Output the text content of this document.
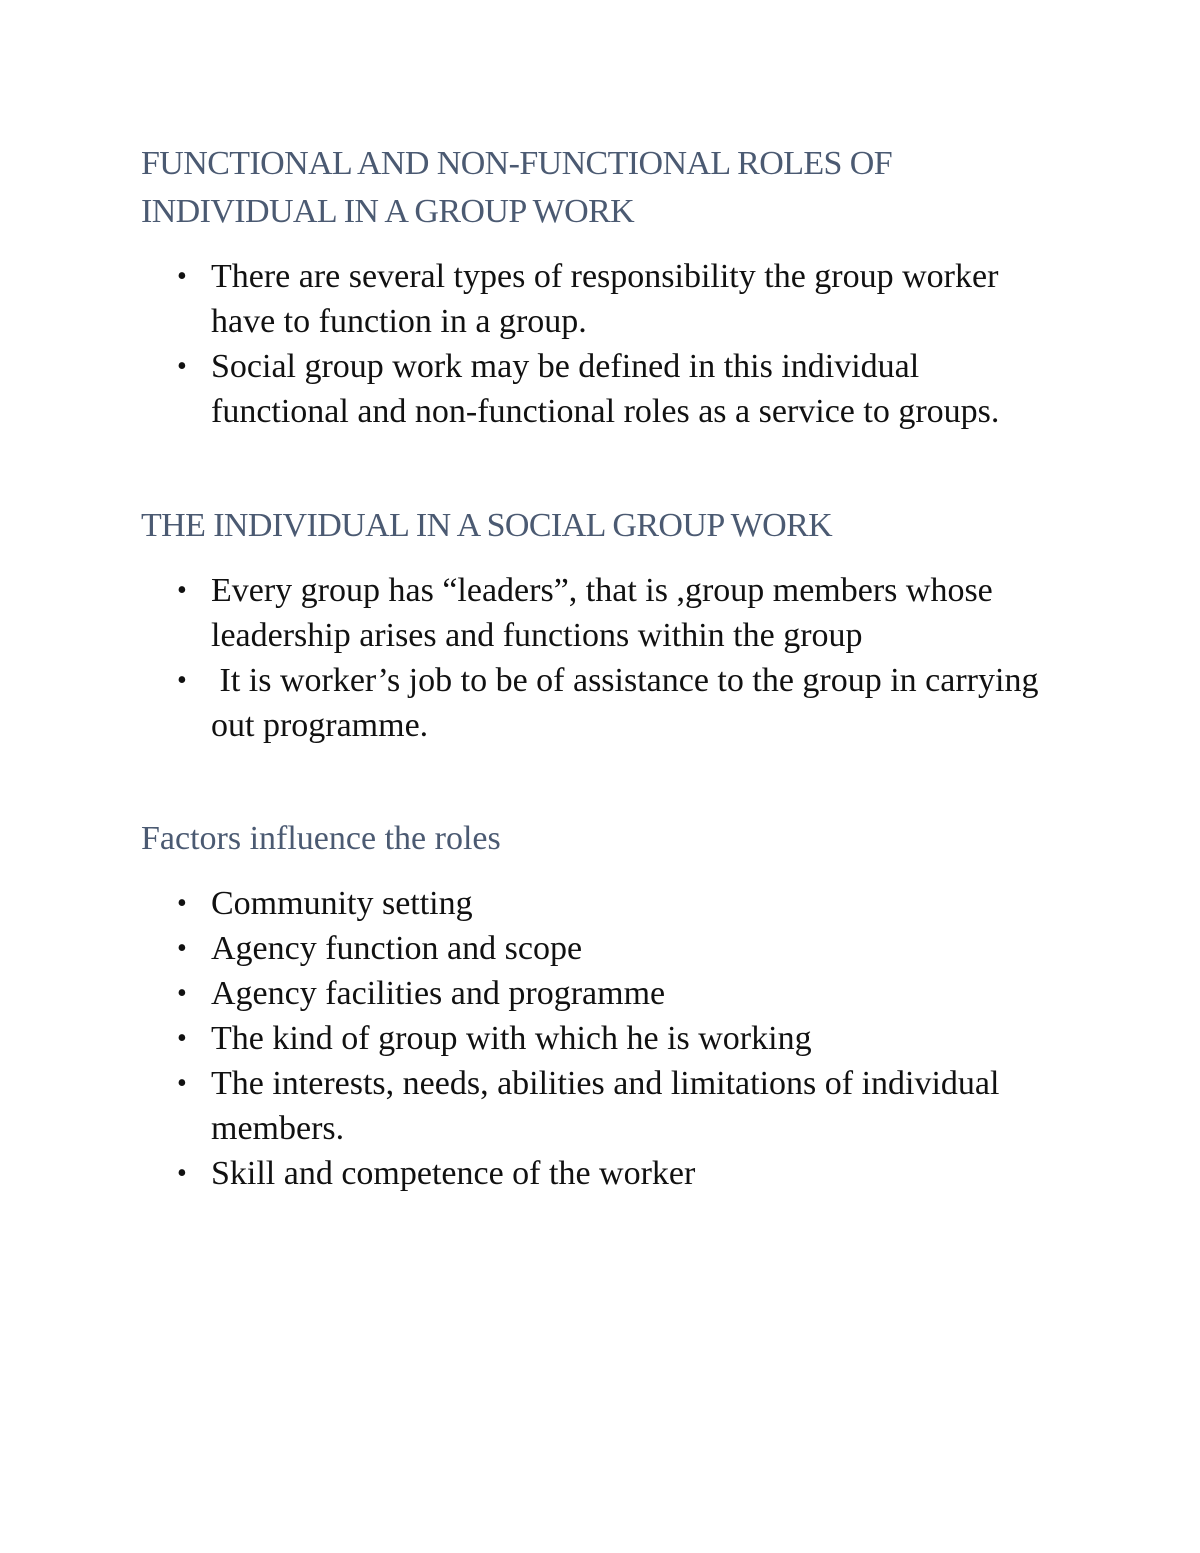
FUNCTIONAL AND NON-FUNCTIONAL ROLES OF INDIVIDUAL IN A GROUP WORK
• There are several types of responsibility the group worker have to function in a group.
• Social group work may be defined in this individual functional and non-functional roles as a service to groups.
THE INDIVIDUAL IN A SOCIAL GROUP WORK
• Every group has “leaders”, that is ,group members whose leadership arises and functions within the group
• It is worker’s job to be of assistance to the group in carrying out programme.
Factors influence the roles
• Community setting
• Agency function and scope
• Agency facilities and programme
• The kind of group with which he is working
• The interests, needs, abilities and limitations of individual members.
• Skill and competence of the worker
